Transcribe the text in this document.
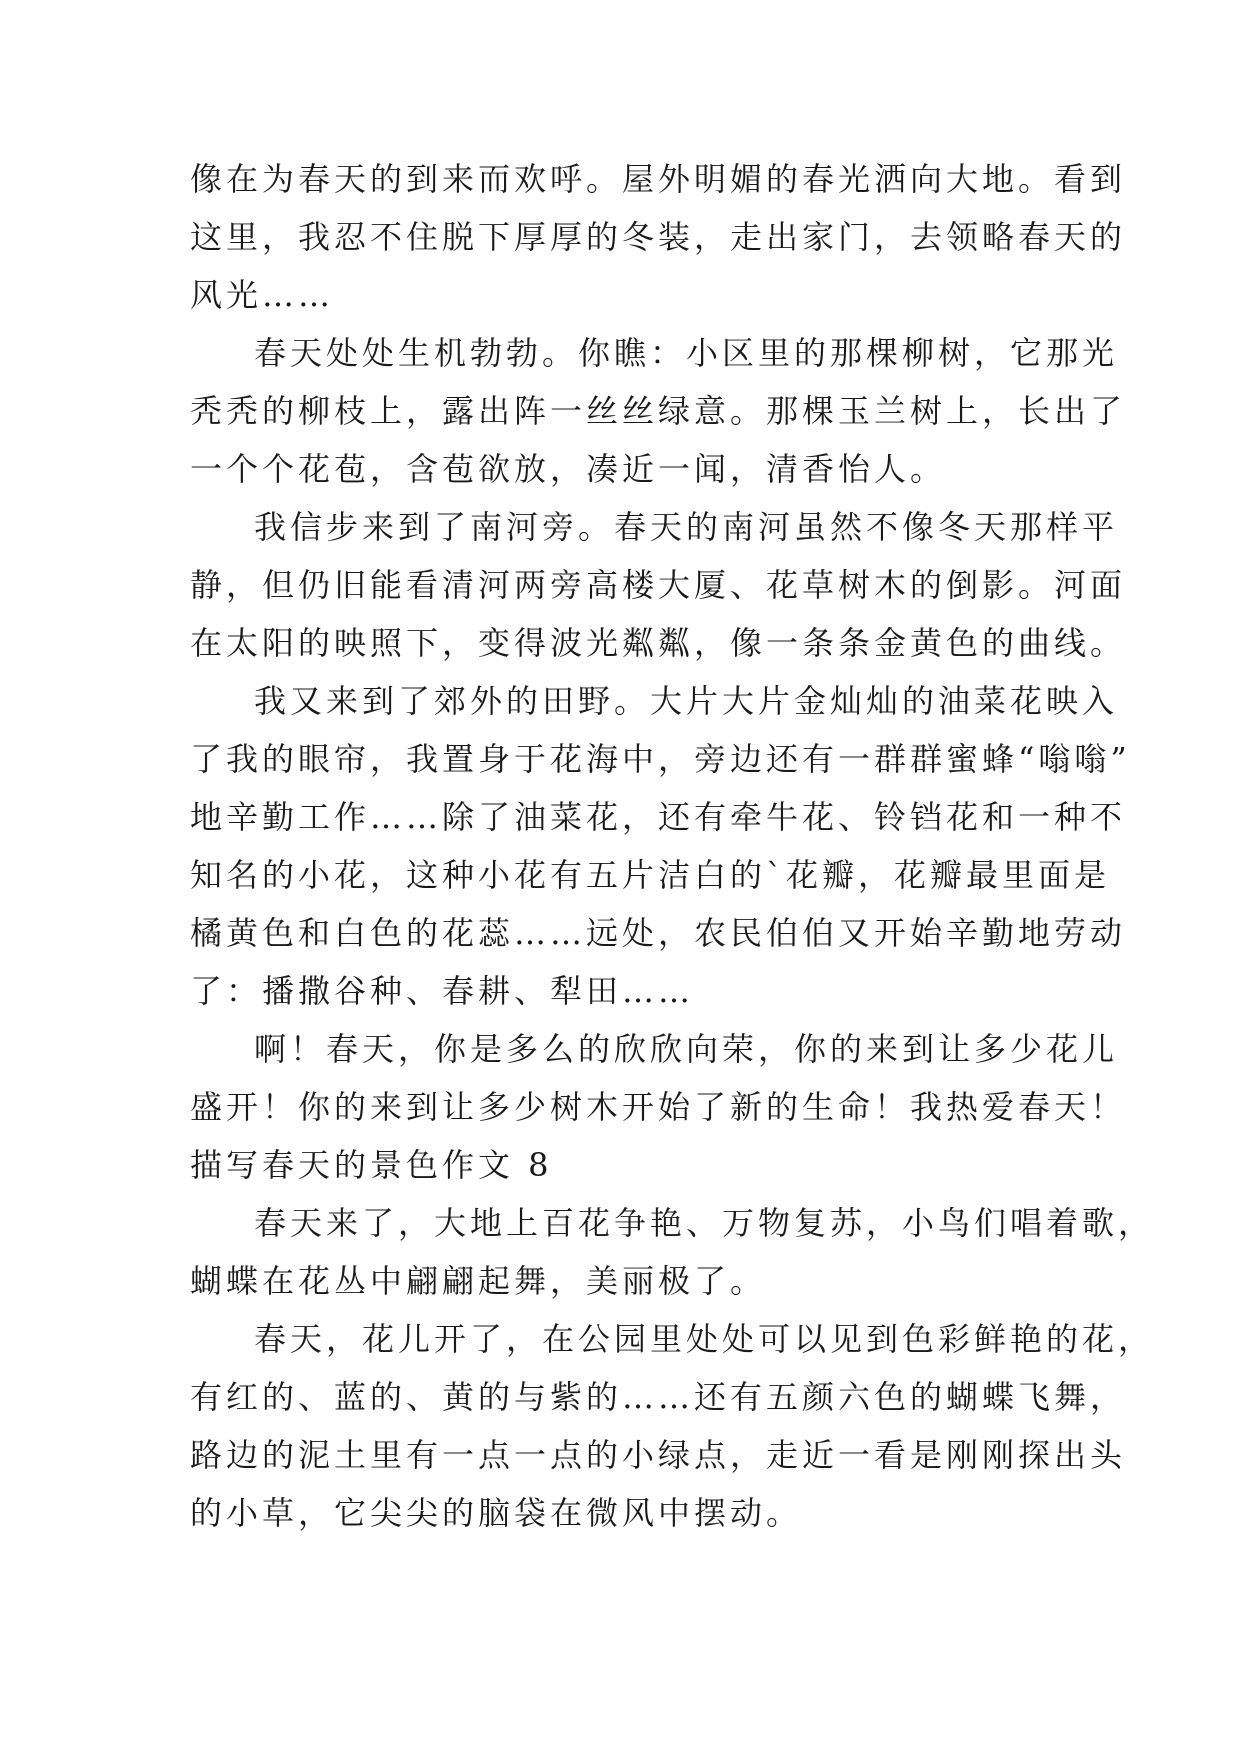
像在为春天的到来而欢呼。屋外明媚的春光洒向大地。看到
这里，我忍不住脱下厚厚的冬装，走出家门，去领略春天的
风光……
春天处处生机勃勃。你瞧：小区里的那棵柳树，它那光
秃秃的柳枝上，露出阵一丝丝绿意。那棵玉兰树上，长出了
一个个花苞，含苞欲放，凑近一闻，清香怡人。
我信步来到了南河旁。春天的南河虽然不像冬天那样平
静，但仍旧能看清河两旁高楼大厦、花草树木的倒影。河面
在太阳的映照下，变得波光粼粼，像一条条金黄色的曲线。
我又来到了郊外的田野。大片大片金灿灿的油菜花映入
了我的眼帘，我置身于花海中，旁边还有一群群蜜蜂“嗡嗡”
地辛勤工作……除了油菜花，还有牵牛花、铃铛花和一种不
知名的小花，这种小花有五片洁白的`花瓣，花瓣最里面是
橘黄色和白色的花蕊……远处，农民伯伯又开始辛勤地劳动
了：播撒谷种、春耕、犁田……
啊！春天，你是多么的欣欣向荣，你的来到让多少花儿
盛开！你的来到让多少树木开始了新的生命！我热爱春天！
描写春天的景色作文 8
春天来了，大地上百花争艳、万物复苏，小鸟们唱着歌，
蝴蝶在花丛中翩翩起舞，美丽极了。
春天，花儿开了，在公园里处处可以见到色彩鲜艳的花，
有红的、蓝的、黄的与紫的……还有五颜六色的蝴蝶飞舞，
路边的泥土里有一点一点的小绿点，走近一看是刚刚探出头
的小草，它尖尖的脑袋在微风中摆动。
